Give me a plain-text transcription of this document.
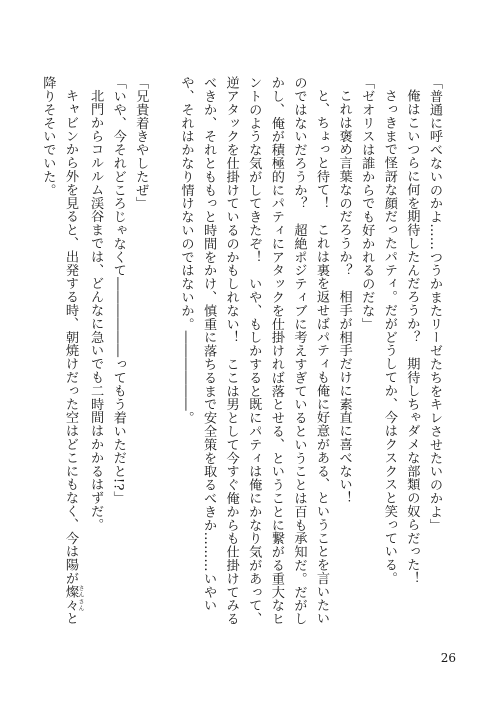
「普通に呼べないのかよ……つうかまたリーゼたちをキレさせたいのかよ」

俺はこいつらに何を期待したんだろうか？　期待しちゃダメな部類の奴らだった！

さっきまで怪訝な顔だったパティ。だがどうしてか、今はクスクスと笑っている。

「ゼオリスは誰からでも好かれるのだな」

これは褒め言葉なのだろうか？　相手が相手だけに素直に喜べない！

と、ちょっと待て！　これは裏を返せばパティも俺に好意がある、ということを言いたいのではないだろうか？　超絶ポジティブに考えすぎているということは百も承知だ。だがしかし、俺が積極的にパティにアタックを仕掛ければ落とせる、ということに繋がる重大なヒントのような気がしてきたぞ！　いや、もしかすると既にパティは俺にかなり気があって、逆アタックを仕掛けているのかもしれない！　ここは男として今すぐ俺からも仕掛けてみるべきか、それとももっと時間をかけ、慎重に落ちるまで安全策を取るべきか………いやいや、それはかなり情けないのではないか。――――――。

「兄貴着きやしたぜ」

「いや、今それどころじゃなくて――――――ってもう着いただと!?」

北門からコルルム渓谷までは、どんなに急いでも二時間はかかるはずだ。

キャビンから外を見ると、出発する時、朝焼けだった空はどこにもなく、今は陽が燦々 さんさんと降りそそいでいた。

26
